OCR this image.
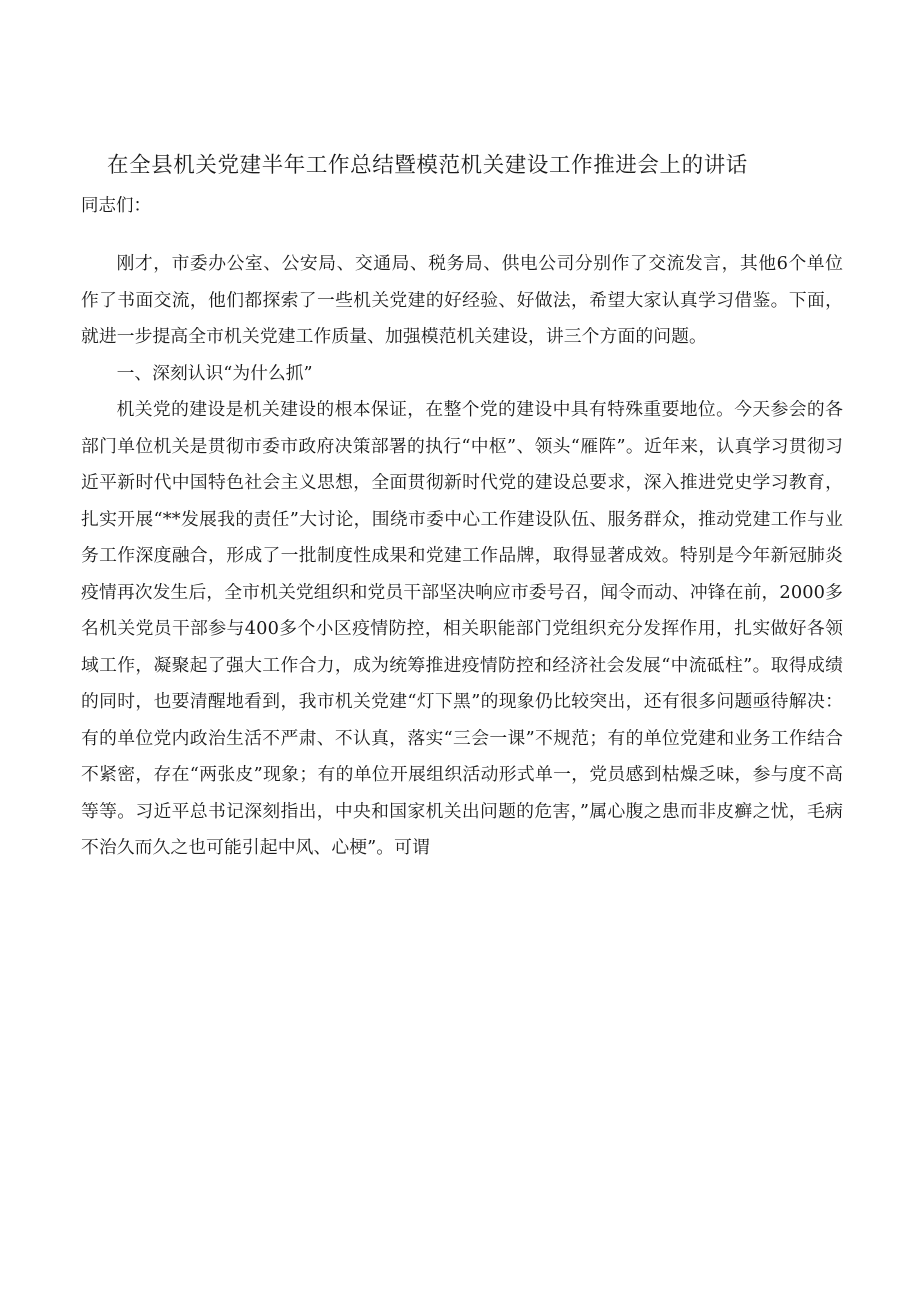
在全县机关党建半年工作总结暨模范机关建设工作推进会上的讲话

同志们：

刚才，市委办公室、公安局、交通局、税务局、供电公司分别作了交流发言，其他6个单位作了书面交流，他们都探索了一些机关党建的好经验、好做法，希望大家认真学习借鉴。下面，就进一步提高全市机关党建工作质量、加强模范机关建设，讲三个方面的问题。

一、深刻认识“为什么抓”

机关党的建设是机关建设的根本保证，在整个党的建设中具有特殊重要地位。今天参会的各部门单位机关是贯彻市委市政府决策部署的执行“中枢”、领头“雁阵”。近年来，认真学习贯彻习近平新时代中国特色社会主义思想，全面贯彻新时代党的建设总要求，深入推进党史学习教育，扎实开展“**发展我的责任”大讨论，围绕市委中心工作建设队伍、服务群众，推动党建工作与业务工作深度融合，形成了一批制度性成果和党建工作品牌，取得显著成效。特别是今年新冠肺炎疫情再次发生后，全市机关党组织和党员干部坚决响应市委号召，闻令而动、冲锋在前，2000多名机关党员干部参与400多个小区疫情防控，相关职能部门党组织充分发挥作用，扎实做好各领域工作，凝聚起了强大工作合力，成为统筹推进疫情防控和经济社会发展“中流砥柱”。取得成绩的同时，也要清醒地看到，我市机关党建“灯下黑”的现象仍比较突出，还有很多问题亟待解决：有的单位党内政治生活不严肃、不认真，落实“三会一课”不规范；有的单位党建和业务工作结合不紧密，存在“两张皮”现象；有的单位开展组织活动形式单一，党员感到枯燥乏味，参与度不高等等。习近平总书记深刻指出，中央和国家机关出问题的危害，”属心腹之患而非皮癣之忧，毛病不治久而久之也可能引起中风、心梗”。可谓
